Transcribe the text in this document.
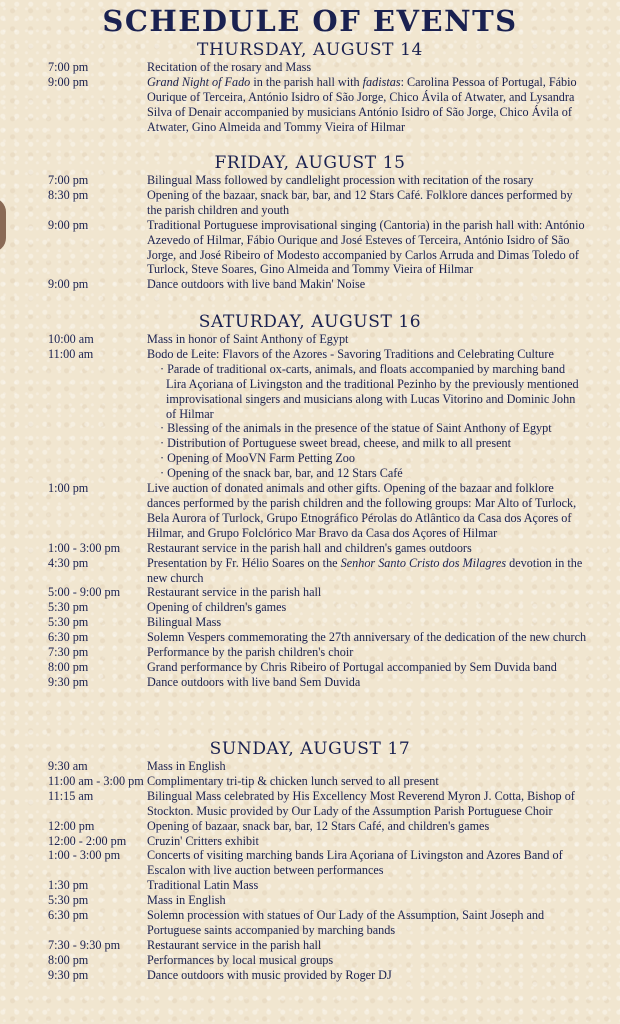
SCHEDULE OF EVENTS
THURSDAY, AUGUST 14
7:00 pm	Recitation of the rosary and Mass
9:00 pm	Grand Night of Fado in the parish hall with fadistas: Carolina Pessoa of Portugal, Fábio Ourique of Terceira, António Isidro of São Jorge, Chico Ávila of Atwater, and Lysandra Silva of Denair accompanied by musicians António Isidro of São Jorge, Chico Ávila of Atwater, Gino Almeida and Tommy Vieira of Hilmar
FRIDAY, AUGUST 15
7:00 pm	Bilingual Mass followed by candlelight procession with recitation of the rosary
8:30 pm	Opening of the bazaar, snack bar, bar, and 12 Stars Café. Folklore dances performed by the parish children and youth
9:00 pm	Traditional Portuguese improvisational singing (Cantoria) in the parish hall with: António Azevedo of Hilmar, Fábio Ourique and José Esteves of Terceira, António Isidro of São Jorge, and José Ribeiro of Modesto accompanied by Carlos Arruda and Dimas Toledo of Turlock, Steve Soares, Gino Almeida and Tommy Vieira of Hilmar
9:00 pm	Dance outdoors with live band Makin' Noise
SATURDAY, AUGUST 16
10:00 am	Mass in honor of Saint Anthony of Egypt
11:00 am	Bodo de Leite: Flavors of the Azores - Savoring Traditions and Celebrating Culture
· Parade of traditional ox-carts, animals, and floats accompanied by marching band Lira Açoriana of Livingston and the traditional Pezinho by the previously mentioned improvisational singers and musicians along with Lucas Vitorino and Dominic John of Hilmar
· Blessing of the animals in the presence of the statue of Saint Anthony of Egypt
· Distribution of Portuguese sweet bread, cheese, and milk to all present
· Opening of MooVN Farm Petting Zoo
· Opening of the snack bar, bar, and 12 Stars Café
1:00 pm	Live auction of donated animals and other gifts. Opening of the bazaar and folklore dances performed by the parish children and the following groups: Mar Alto of Turlock, Bela Aurora of Turlock, Grupo Etnográfico Pérolas do Atlântico da Casa dos Açores of Hilmar, and Grupo Folclórico Mar Bravo da Casa dos Açores of Hilmar
1:00 - 3:00 pm Restaurant service in the parish hall and children's games outdoors
4:30 pm	Presentation by Fr. Hélio Soares on the Senhor Santo Cristo dos Milagres devotion in the new church
5:00 - 9:00 pm Restaurant service in the parish hall
5:30 pm	Opening of children's games
5:30 pm	Bilingual Mass
6:30 pm	Solemn Vespers commemorating the 27th anniversary of the dedication of the new church
7:30 pm	Performance by the parish children's choir
8:00 pm	Grand performance by Chris Ribeiro of Portugal accompanied by Sem Duvida band
9:30 pm	Dance outdoors with live band Sem Duvida
SUNDAY, AUGUST 17
9:30 am	Mass in English
11:00 am - 3:00 pm Complimentary tri-tip & chicken lunch served to all present
11:15 am	Bilingual Mass celebrated by His Excellency Most Reverend Myron J. Cotta, Bishop of Stockton. Music provided by Our Lady of the Assumption Parish Portuguese Choir
12:00 pm	Opening of bazaar, snack bar, bar, 12 Stars Café, and children's games
12:00 - 2:00 pm Cruzin' Critters exhibit
1:00 - 3:00 pm Concerts of visiting marching bands Lira Açoriana of Livingston and Azores Band of Escalon with live auction between performances
1:30 pm	Traditional Latin Mass
5:30 pm	Mass in English
6:30 pm	Solemn procession with statues of Our Lady of the Assumption, Saint Joseph and Portuguese saints accompanied by marching bands
7:30 - 9:30 pm Restaurant service in the parish hall
8:00 pm	Performances by local musical groups
9:30 pm	Dance outdoors with music provided by Roger DJ
